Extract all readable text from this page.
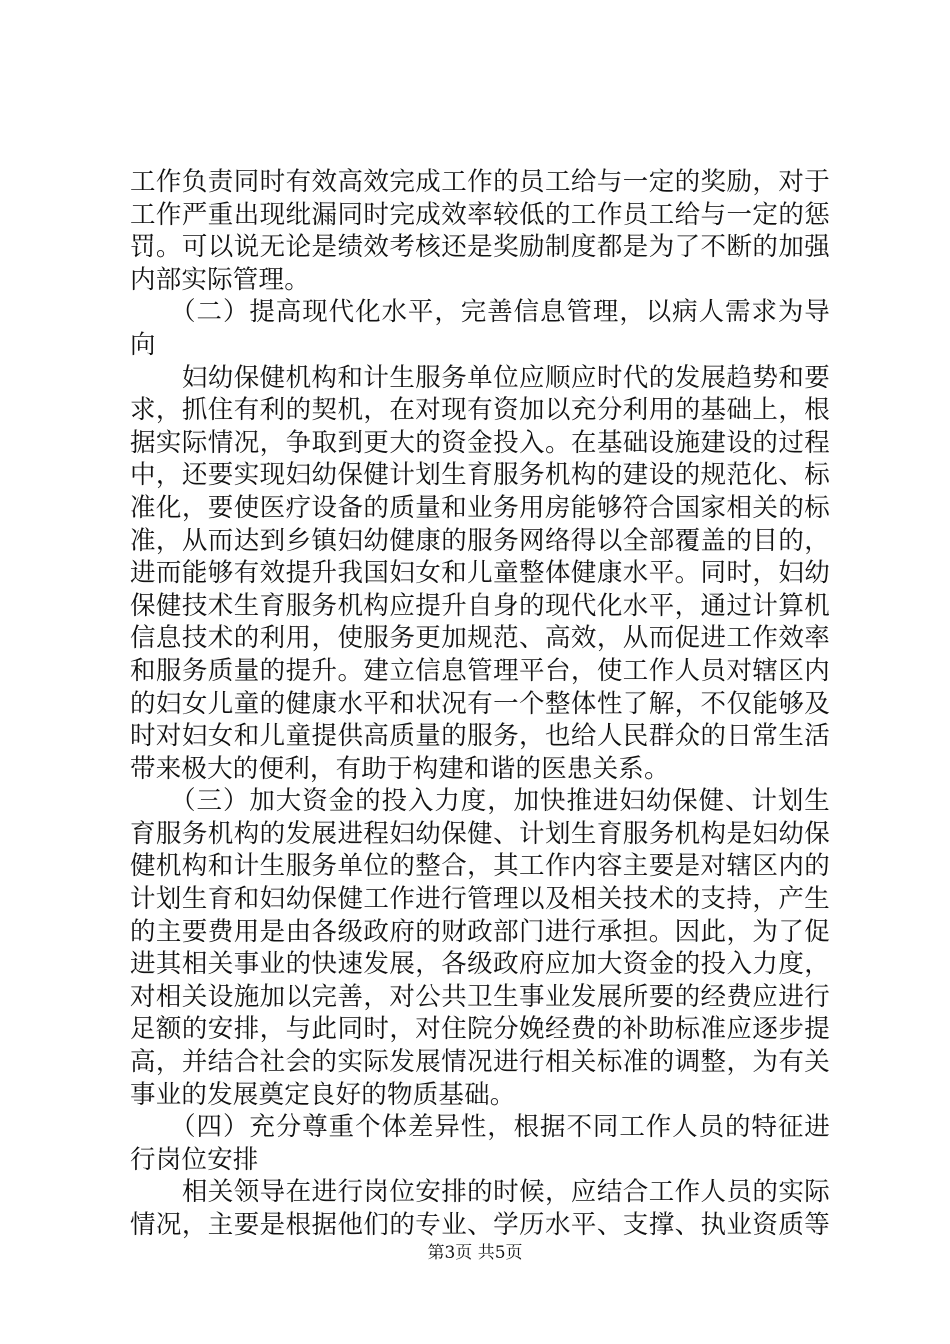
工作负责同时有效高效完成工作的员工给与一定的奖励，对于
工作严重出现纰漏同时完成效率较低的工作员工给与一定的惩
罚。可以说无论是绩效考核还是奖励制度都是为了不断的加强
内部实际管理。
　　（二）提高现代化水平，完善信息管理，以病人需求为导
向
　　妇幼保健机构和计生服务单位应顺应时代的发展趋势和要
求，抓住有利的契机，在对现有资加以充分利用的基础上，根
据实际情况，争取到更大的资金投入。在基础设施建设的过程
中，还要实现妇幼保健计划生育服务机构的建设的规范化、标
准化，要使医疗设备的质量和业务用房能够符合国家相关的标
准，从而达到乡镇妇幼健康的服务网络得以全部覆盖的目的，
进而能够有效提升我国妇女和儿童整体健康水平。同时，妇幼
保健技术生育服务机构应提升自身的现代化水平，通过计算机
信息技术的利用，使服务更加规范、高效，从而促进工作效率
和服务质量的提升。建立信息管理平台，使工作人员对辖区内
的妇女儿童的健康水平和状况有一个整体性了解，不仅能够及
时对妇女和儿童提供高质量的服务，也给人民群众的日常生活
带来极大的便利，有助于构建和谐的医患关系。
　　（三）加大资金的投入力度，加快推进妇幼保健、计划生
育服务机构的发展进程妇幼保健、计划生育服务机构是妇幼保
健机构和计生服务单位的整合，其工作内容主要是对辖区内的
计划生育和妇幼保健工作进行管理以及相关技术的支持，产生
的主要费用是由各级政府的财政部门进行承担。因此，为了促
进其相关事业的快速发展，各级政府应加大资金的投入力度，
对相关设施加以完善，对公共卫生事业发展所要的经费应进行
足额的安排，与此同时，对住院分娩经费的补助标准应逐步提
高，并结合社会的实际发展情况进行相关标准的调整，为有关
事业的发展奠定良好的物质基础。
　　（四）充分尊重个体差异性，根据不同工作人员的特征进
行岗位安排
　　相关领导在进行岗位安排的时候，应结合工作人员的实际
情况，主要是根据他们的专业、学历水平、支撑、执业资质等
第3页 共5页
